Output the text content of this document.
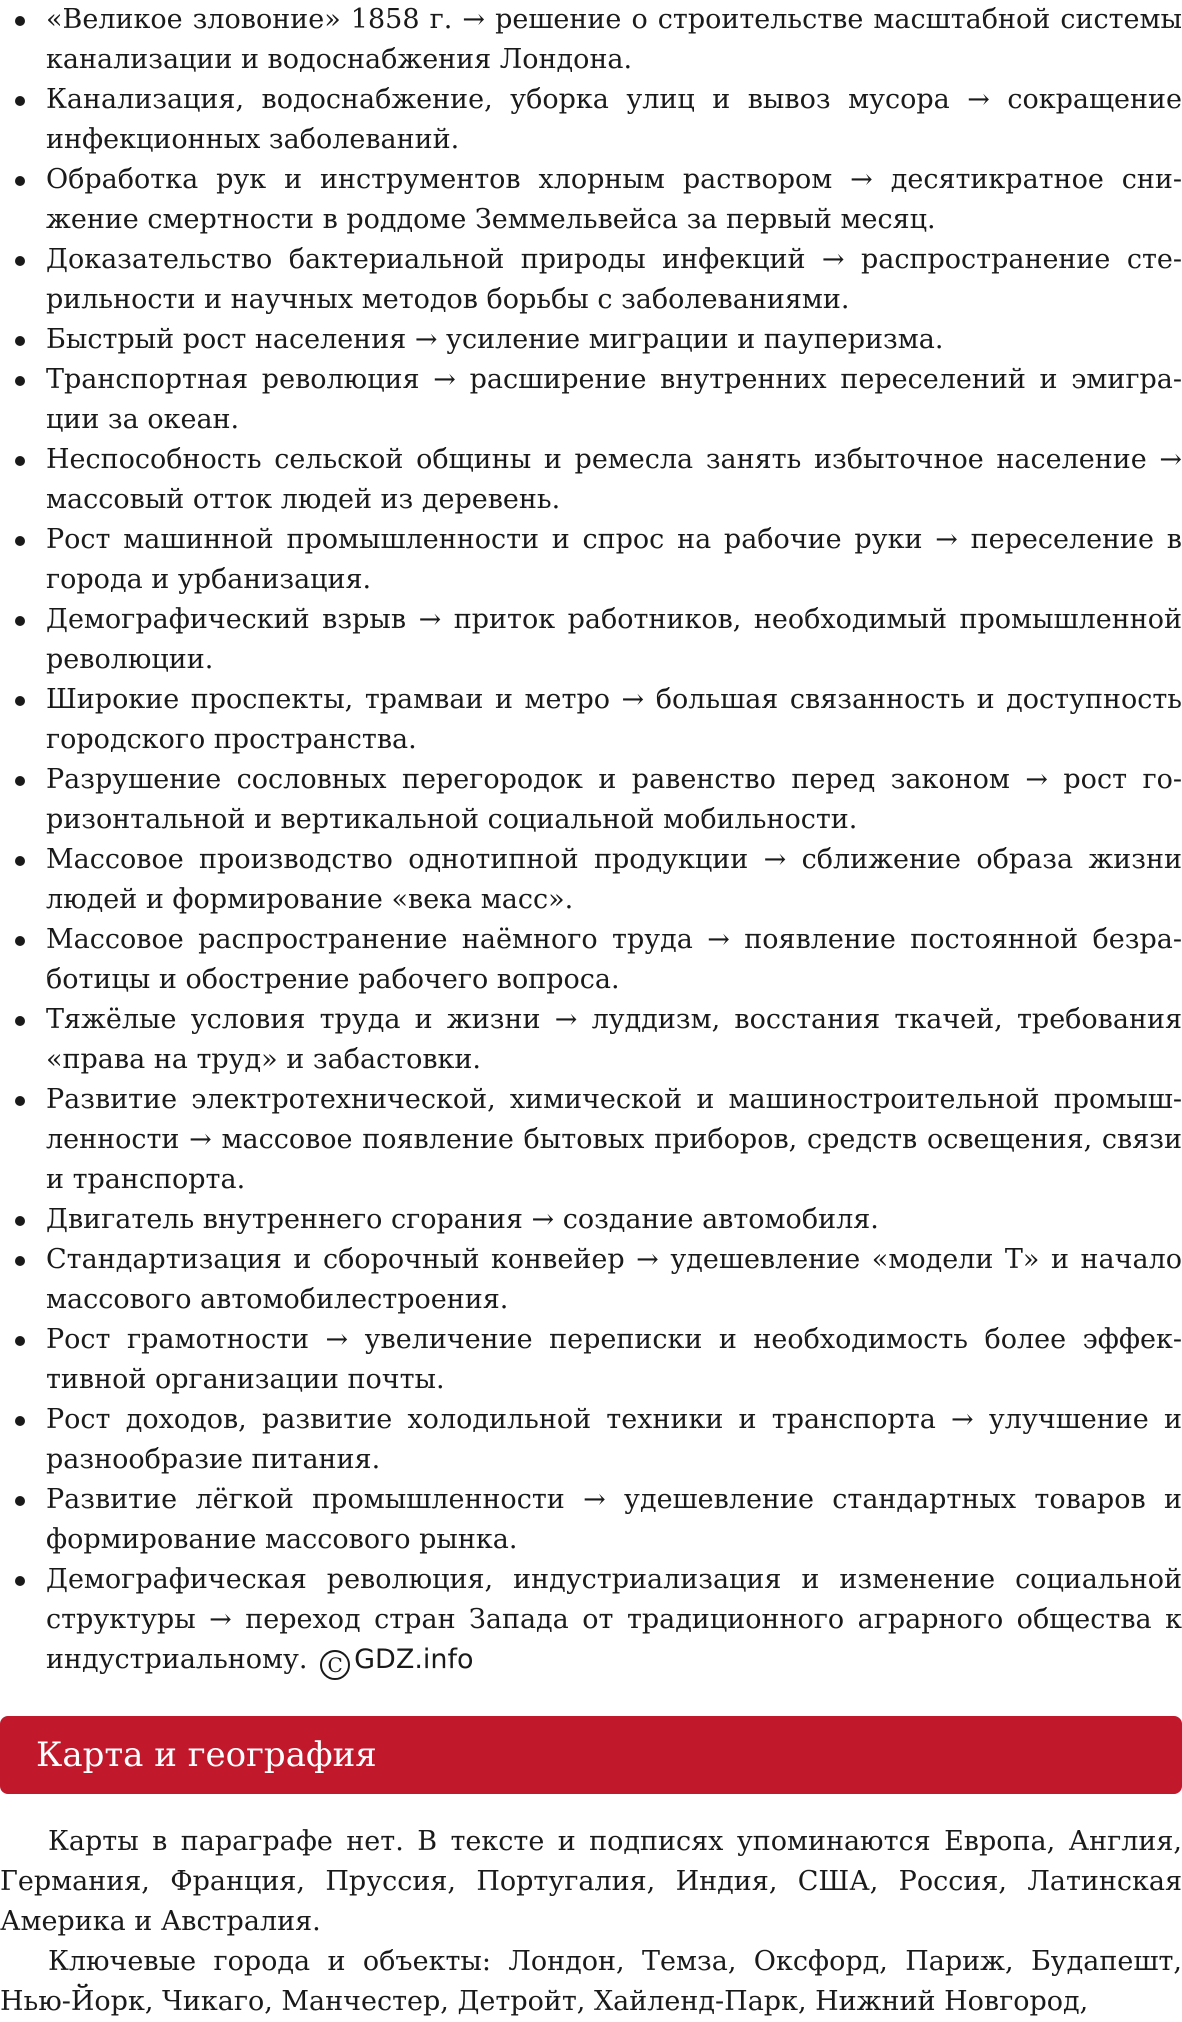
«Великое зловоние» 1858 г. → решение о строительстве масштабной системы канализации и водоснабжения Лондона.
Канализация, водоснабжение, уборка улиц и вывоз мусора → сокращение инфекционных заболеваний.
Обработка рук и инструментов хлорным раствором → десятикратное снижение смертности в роддоме Земмельвейса за первый месяц.
Доказательство бактериальной природы инфекций → распространение стерильности и научных методов борьбы с заболеваниями.
Быстрый рост населения → усиление миграции и пауперизма.
Транспортная революция → расширение внутренних переселений и эмиграции за океан.
Неспособность сельской общины и ремесла занять избыточное население → массовый отток людей из деревень.
Рост машинной промышленности и спрос на рабочие руки → переселение в города и урбанизация.
Демографический взрыв → приток работников, необходимый промышленной революции.
Широкие проспекты, трамваи и метро → большая связанность и доступность городского пространства.
Разрушение сословных перегородок и равенство перед законом → рост горизонтальной и вертикальной социальной мобильности.
Массовое производство однотипной продукции → сближение образа жизни людей и формирование «века масс».
Массовое распространение наёмного труда → появление постоянной безработицы и обострение рабочего вопроса.
Тяжёлые условия труда и жизни → луддизм, восстания ткачей, требования «права на труд» и забастовки.
Развитие электротехнической, химической и машиностроительной промышленности → массовое появление бытовых приборов, средств освещения, связи и транспорта.
Двигатель внутреннего сгорания → создание автомобиля.
Стандартизация и сборочный конвейер → удешевление «модели Т» и начало массового автомобилестроения.
Рост грамотности → увеличение переписки и необходимость более эффективной организации почты.
Рост доходов, развитие холодильной техники и транспорта → улучшение и разнообразие питания.
Развитие лёгкой промышленности → удешевление стандартных товаров и формирование массового рынка.
Демографическая революция, индустриализация и изменение социальной структуры → переход стран Запада от традиционного аграрного общества к индустриальному. C GDZ.info
Карта и география

Карты в параграфе нет. В тексте и подписях упоминаются Европа, Англия, Германия, Франция, Пруссия, Португалия, Индия, США, Россия, Латинская Америка и Австралия.

Ключевые города и объекты: Лондон, Темза, Оксфорд, Париж, Будапешт, Нью-Йорк, Чикаго, Манчестер, Детройт, Хайленд-Парк, Нижний Новгород,
